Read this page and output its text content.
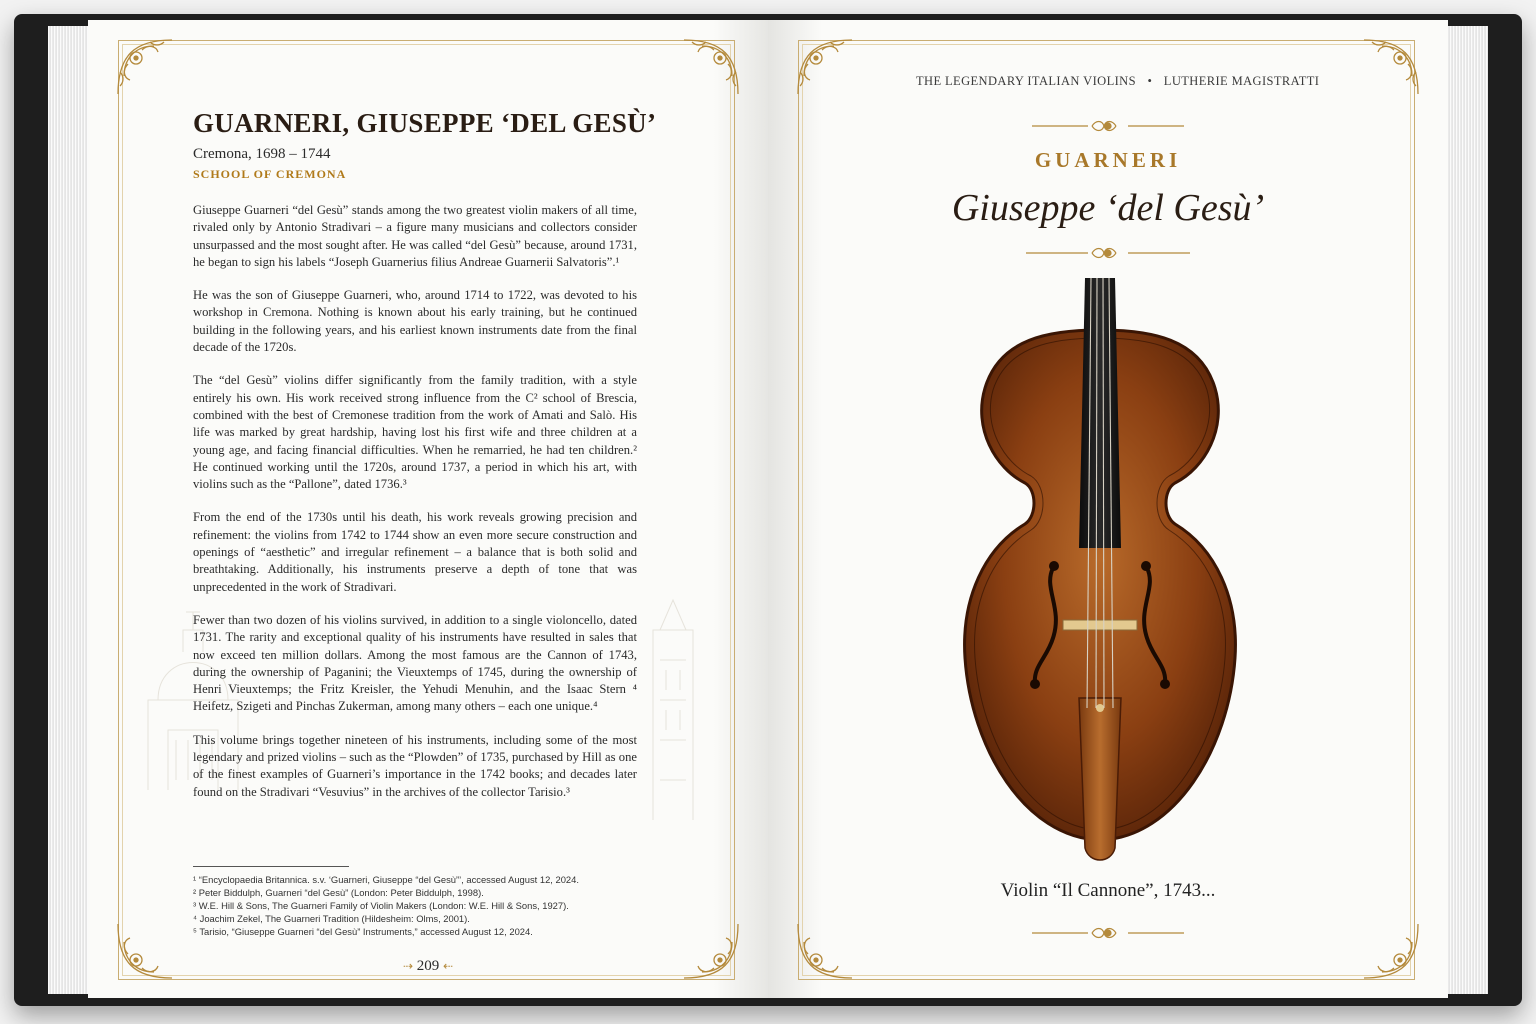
GUARNERI, GIUSEPPE ‘DEL GESÙ’
Cremona, 1698 – 1744
SCHOOL OF CREMONA

Giuseppe Guarneri “del Gesù” stands among the two greatest violin makers of all time, rivaled only by Antonio Stradivari – a figure many musicians and collectors consider unsurpassed and the most sought after. He was called “del Gesù” because, around 1731, he began to sign his labels “Joseph Guarnerius filius Andreae Guarnerii Salvatoris”.¹

He was the son of Giuseppe Guarneri, who, around 1714 to 1722, was devoted to his workshop in Cremona. Nothing is known about his early training, but he continued building in the following years, and his earliest known instruments date from the final decade of the 1720s.

The “del Gesù” violins differ significantly from the family tradition, with a style entirely his own. His work received strong influence from the C² school of Brescia, combined with the best of Cremonese tradition from the work of Amati and Salò. His life was marked by great hardship, having lost his first wife and three children at a young age, and facing financial difficulties. When he remarried, he had ten children.² He continued working until the 1720s, around 1737, a period in which his art, with violins such as the “Pallone”, dated 1736.³

From the end of the 1730s until his death, his work reveals growing precision and refinement: the violins from 1742 to 1744 show an even more secure construction and openings of “aesthetic” and irregular refinement – a balance that is both solid and breathtaking. Additionally, his instruments preserve a depth of tone that was unprecedented in the work of Stradivari.

Fewer than two dozen of his violins survived, in addition to a single violoncello, dated 1731. The rarity and exceptional quality of his instruments have resulted in sales that now exceed ten million dollars. Among the most famous are the Cannon of 1743, during the ownership of Paganini; the Vieuxtemps of 1745, during the ownership of Henri Vieuxtemps; the Fritz Kreisler, the Yehudi Menuhin, and the Isaac Stern ⁴ Heifetz, Szigeti and Pinchas Zukerman, among many others – each one unique.⁴

This volume brings together nineteen of his instruments, including some of the most legendary and prized violins – such as the “Plowden” of 1735, purchased by Hill as one of the finest examples of Guarneri’s importance in the 1742 books; and decades later found on the Stradivari “Vesuvius” in the archives of the collector Tarisio.³

¹ “Encyclopaedia Britannica. s.v. ‘Guarneri, Giuseppe “del Gesù”’, accessed August 12, 2024.
² Peter Biddulph, Guarneri “del Gesù” (London: Peter Biddulph, 1998).
³ W.E. Hill & Sons, The Guarneri Family of Violin Makers (London: W.E. Hill & Sons, 1927).
⁴ Joachim Zekel, The Guarneri Tradition (Hildesheim: Olms, 2001).
⁵ Tarisio, “Giuseppe Guarneri “del Gesù” Instruments,” accessed August 12, 2024.
⇢ 209 ⇠
THE LEGENDARY ITALIAN VIOLINS • LUTHERIE MAGISTRATTI
GUARNERI
Giuseppe ‘del Gesù’
Violin “Il Cannone”, 1743...
